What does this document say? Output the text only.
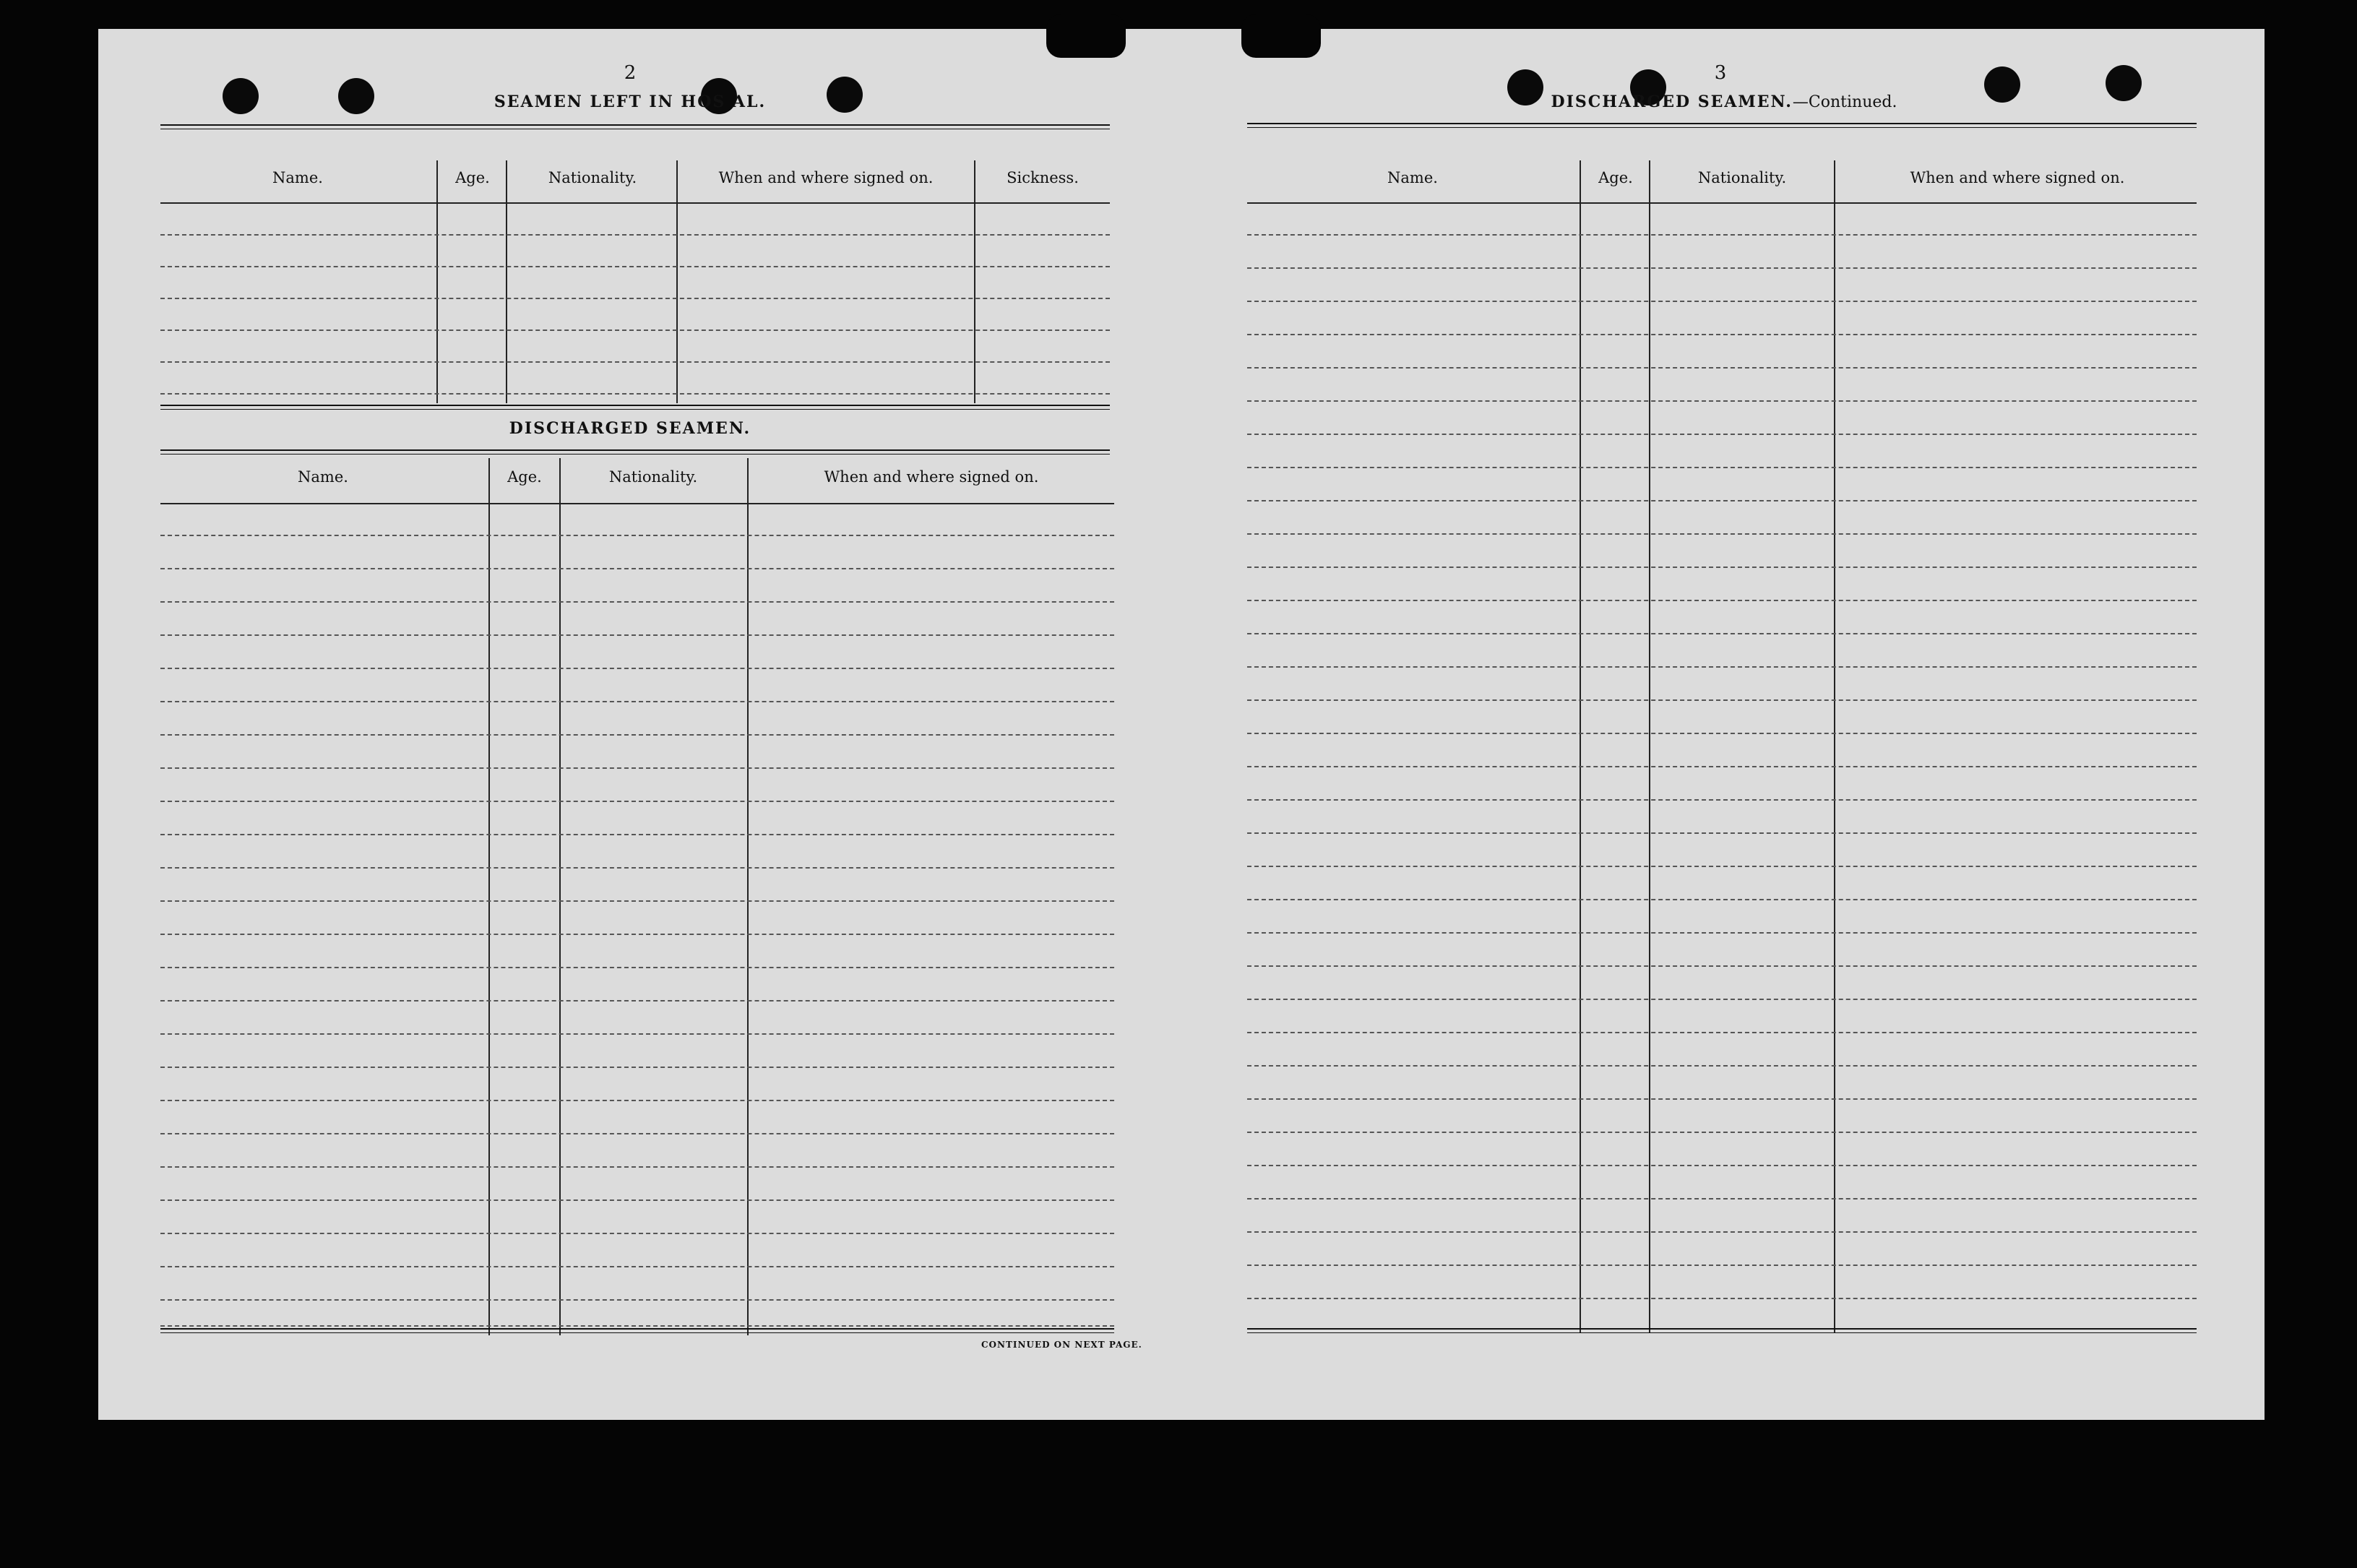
2
SEAMEN LEFT IN HOS AL.
Name.	Age.	Nationality.	When and where signed on.	Sickness.
DISCHARGED SEAMEN.
Name.	Age.	Nationality.	When and where signed on.
CONTINUED ON NEXT PAGE.
3
DISCHARGED SEAMEN.—Continued.
Name.	Age.	Nationality.	When and where signed on.
